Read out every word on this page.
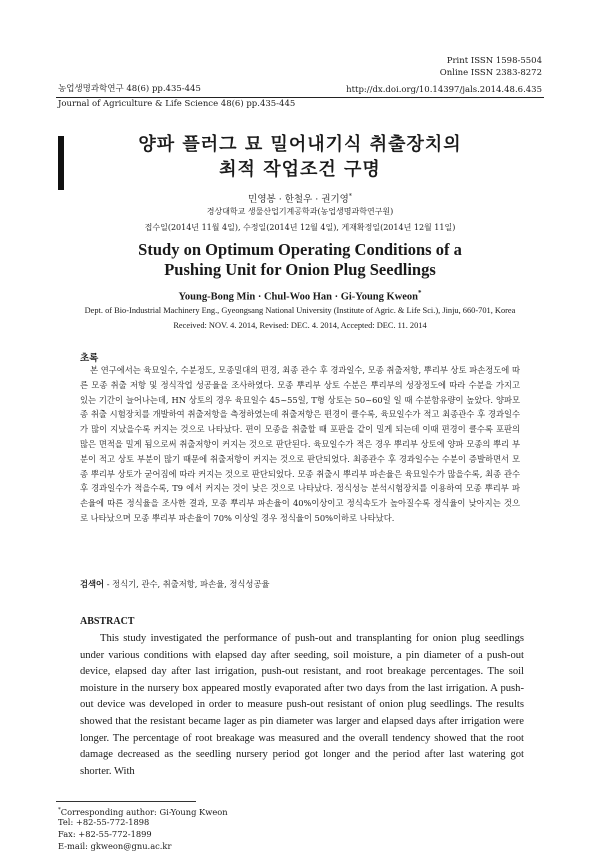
Print ISSN 1598-5504
Online ISSN 2383-8272
농업생명과학연구 48(6) pp.435-445	http://dx.doi.org/10.14397/jals.2014.48.6.435
Journal of Agriculture & Life Science 48(6) pp.435-445
양파 플러그 묘 밀어내기식 취출장치의
최적 작업조건 구명
민영봉 · 한철우 · 권기영*
경상대학교 생물산업기계공학과(농업생명과학연구원)
접수일(2014년 11월 4일), 수정일(2014년 12월 4일), 게재확정일(2014년 12월 11일)
Study on Optimum Operating Conditions of a
Pushing Unit for Onion Plug Seedlings
Young-Bong Min · Chul-Woo Han · Gi-Young Kweon*
Dept. of Bio-Industrial Machinery Eng., Gyeongsang National University (Institute of Agric. & Life Sci.), Jinju, 660-701, Korea
Received: NOV. 4. 2014, Revised: DEC. 4. 2014, Accepted: DEC. 11. 2014
초록
본 연구에서는 육묘일수, 수분정도, 모종밀대의 편경, 최종 관수 후 경과일수, 모종 취출저항, 뿌리부 상토 파손정도에 따른 모종 취출 저항 및 정식작업 성공율을 조사하였다. 모종 뿌리부 상토 수분은 뿌리부의 성장정도에 따라 수분을 가지고 있는 기간이 늘어나는데, HN 상토의 경우 육묘일수 45~55일, T형 상토는 50~60일 일 때 수분함유량이 높았다. 양파모종 취출 시험장치를 개발하여 취출저항을 측정하였는데 취출저항은 편경이 클수록, 육묘일수가 적고 최종관수 후 경과일수가 많이 지났을수록 커지는 것으로 나타났다. 편이 모종을 취출할 때 포판을 같이 밀게 되는데 이때 편경이 클수록 포판의 많은 면적을 밀게 됨으로써 취출저항이 커지는 것으로 판단된다. 육묘일수가 적은 경우 뿌리부 상토에 양파 모종의 뿌리 부분이 적고 상토 부분이 많기 때문에 취출저항이 커지는 것으로 판단되었다. 최종관수 후 경과일수는 수분이 증발하면서 모종 뿌리부 상토가 굳어짐에 따라 커지는 것으로 판단되었다. 모종 취출시 뿌리부 파손율은 육묘일수가 많을수록, 최종 관수 후 경과일수가 적을수록, T9 에서 커지는 것이 낮은 것으로 나타났다. 정식성능 분석시험장치를 이용하여 모종 뿌리부 파손율에 따른 정식율을 조사한 결과, 모종 뿌리부 파손율이 40%이상이고 정식속도가 높아질수록 정식율이 낮아지는 것으로 나타났으며 모종 뿌리부 파손율이 70% 이상일 경우 정식율이 50%이하로 나타났다.
검색어 - 정식기, 관수, 취출저항, 파손율, 정식성공율
ABSTRACT
This study investigated the performance of push-out and transplanting for onion plug seedlings under various conditions with elapsed day after seeding, soil moisture, a pin diameter of a push-out device, elapsed day after last irrigation, push-out resistant, and root breakage percentages. The soil moisture in the nursery box appeared mostly evaporated after two days from the last irrigation. A push-out device was developed in order to measure push-out resistant of onion plug seedlings. The results showed that the resistant became lager as pin diameter was larger and elapsed days after irrigation were longer. The percentage of root breakage was measured and the overall tendency showed that the root damage decreased as the seedling nursery period got longer and the period after last watering got shorter. With
*Corresponding author: Gi-Young Kweon
Tel: +82-55-772-1898
Fax: +82-55-772-1899
E-mail: gkweon@gnu.ac.kr
